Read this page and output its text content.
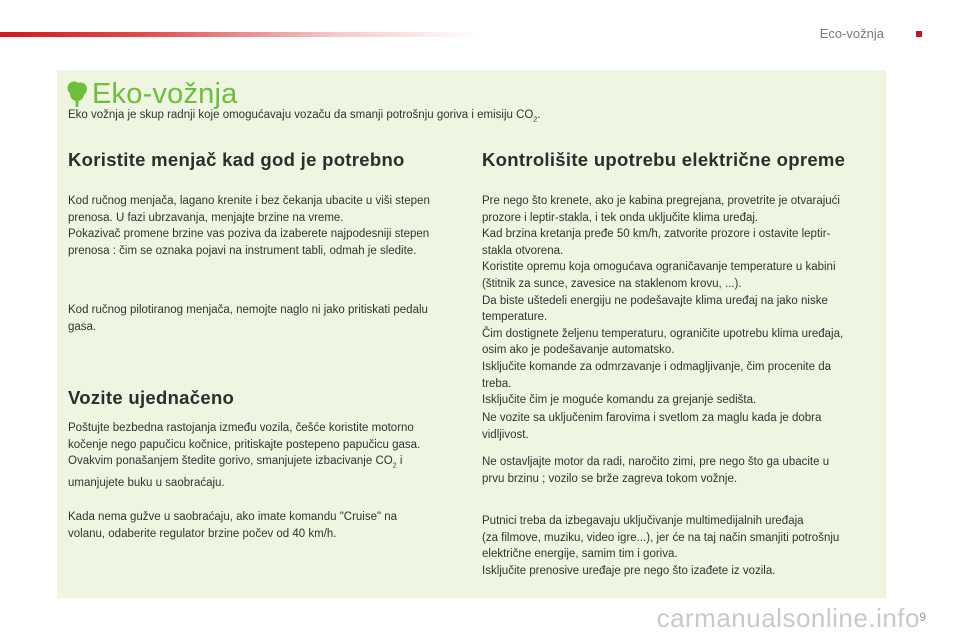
Eco-vožnja
Eko-vožnja
Eko vožnja je skup radnji koje omogućavaju vozaču da smanji potrošnju goriva i emisiju $CO_2$.
Koristite menjač kad god je potrebno

Kod ručnog menjača, lagano krenite i bez čekanja ubacite u viši stepen
prenosa. U fazi ubrzavanja, menjajte brzine na vreme.
Pokazivač promene brzine vas poziva da izaberete najpodesniji stepen
prenosa : čim se oznaka pojavi na instrument tabli, odmah je sledite.

Kod ručnog pilotiranog menjača, nemojte naglo ni jako pritiskati pedalu
gasa.

Vozite ujednačeno

Poštujte bezbedna rastojanja između vozila, češće koristite motorno
kočenje nego papučicu kočnice, pritiskajte postepeno papučicu gasa.
Ovakvim ponašanjem štedite gorivo, smanjujete izbacivanje $CO_2$ i
umanjujete buku u saobraćaju.

Kada nema gužve u saobraćaju, ako imate komandu "Cruise" na
volanu, odaberite regulator brzine počev od 40 km/h.

Kontrolišite upotrebu električne opreme

Pre nego što krenete, ako je kabina pregrejana, provetrite je otvarajući
prozore i leptir-stakla, i tek onda uključite klima uređaj.
Kad brzina kretanja pređe 50 km/h, zatvorite prozore i ostavite leptir-
stakla otvorena.
Koristite opremu koja omogućava ograničavanje temperature u kabini
(štitnik za sunce, zavesice na staklenom krovu, ...).
Da biste uštedeli energiju ne podešavajte klima uređaj na jako niske
temperature.
Čim dostignete željenu temperaturu, ograničite upotrebu klima uređaja,
osim ako je podešavanje automatsko.
Isključite komande za odmrzavanje i odmagljivanje, čim procenite da
treba.
Isključite čim je moguće komandu za grejanje sedišta.

Ne vozite sa uključenim farovima i svetlom za maglu kada je dobra
vidljivost.

Ne ostavljajte motor da radi, naročito zimi, pre nego što ga ubacite u
prvu brzinu ; vozilo se brže zagreva tokom vožnje.

Putnici treba da izbegavaju uključivanje multimedijalnih uređaja
(za filmove, muziku, video igre...), jer će na taj način smanjiti potrošnju
električne energije, samim tim i goriva.
Isključite prenosive uređaje pre nego što izađete iz vozila.

9
carmanualsonline.info
